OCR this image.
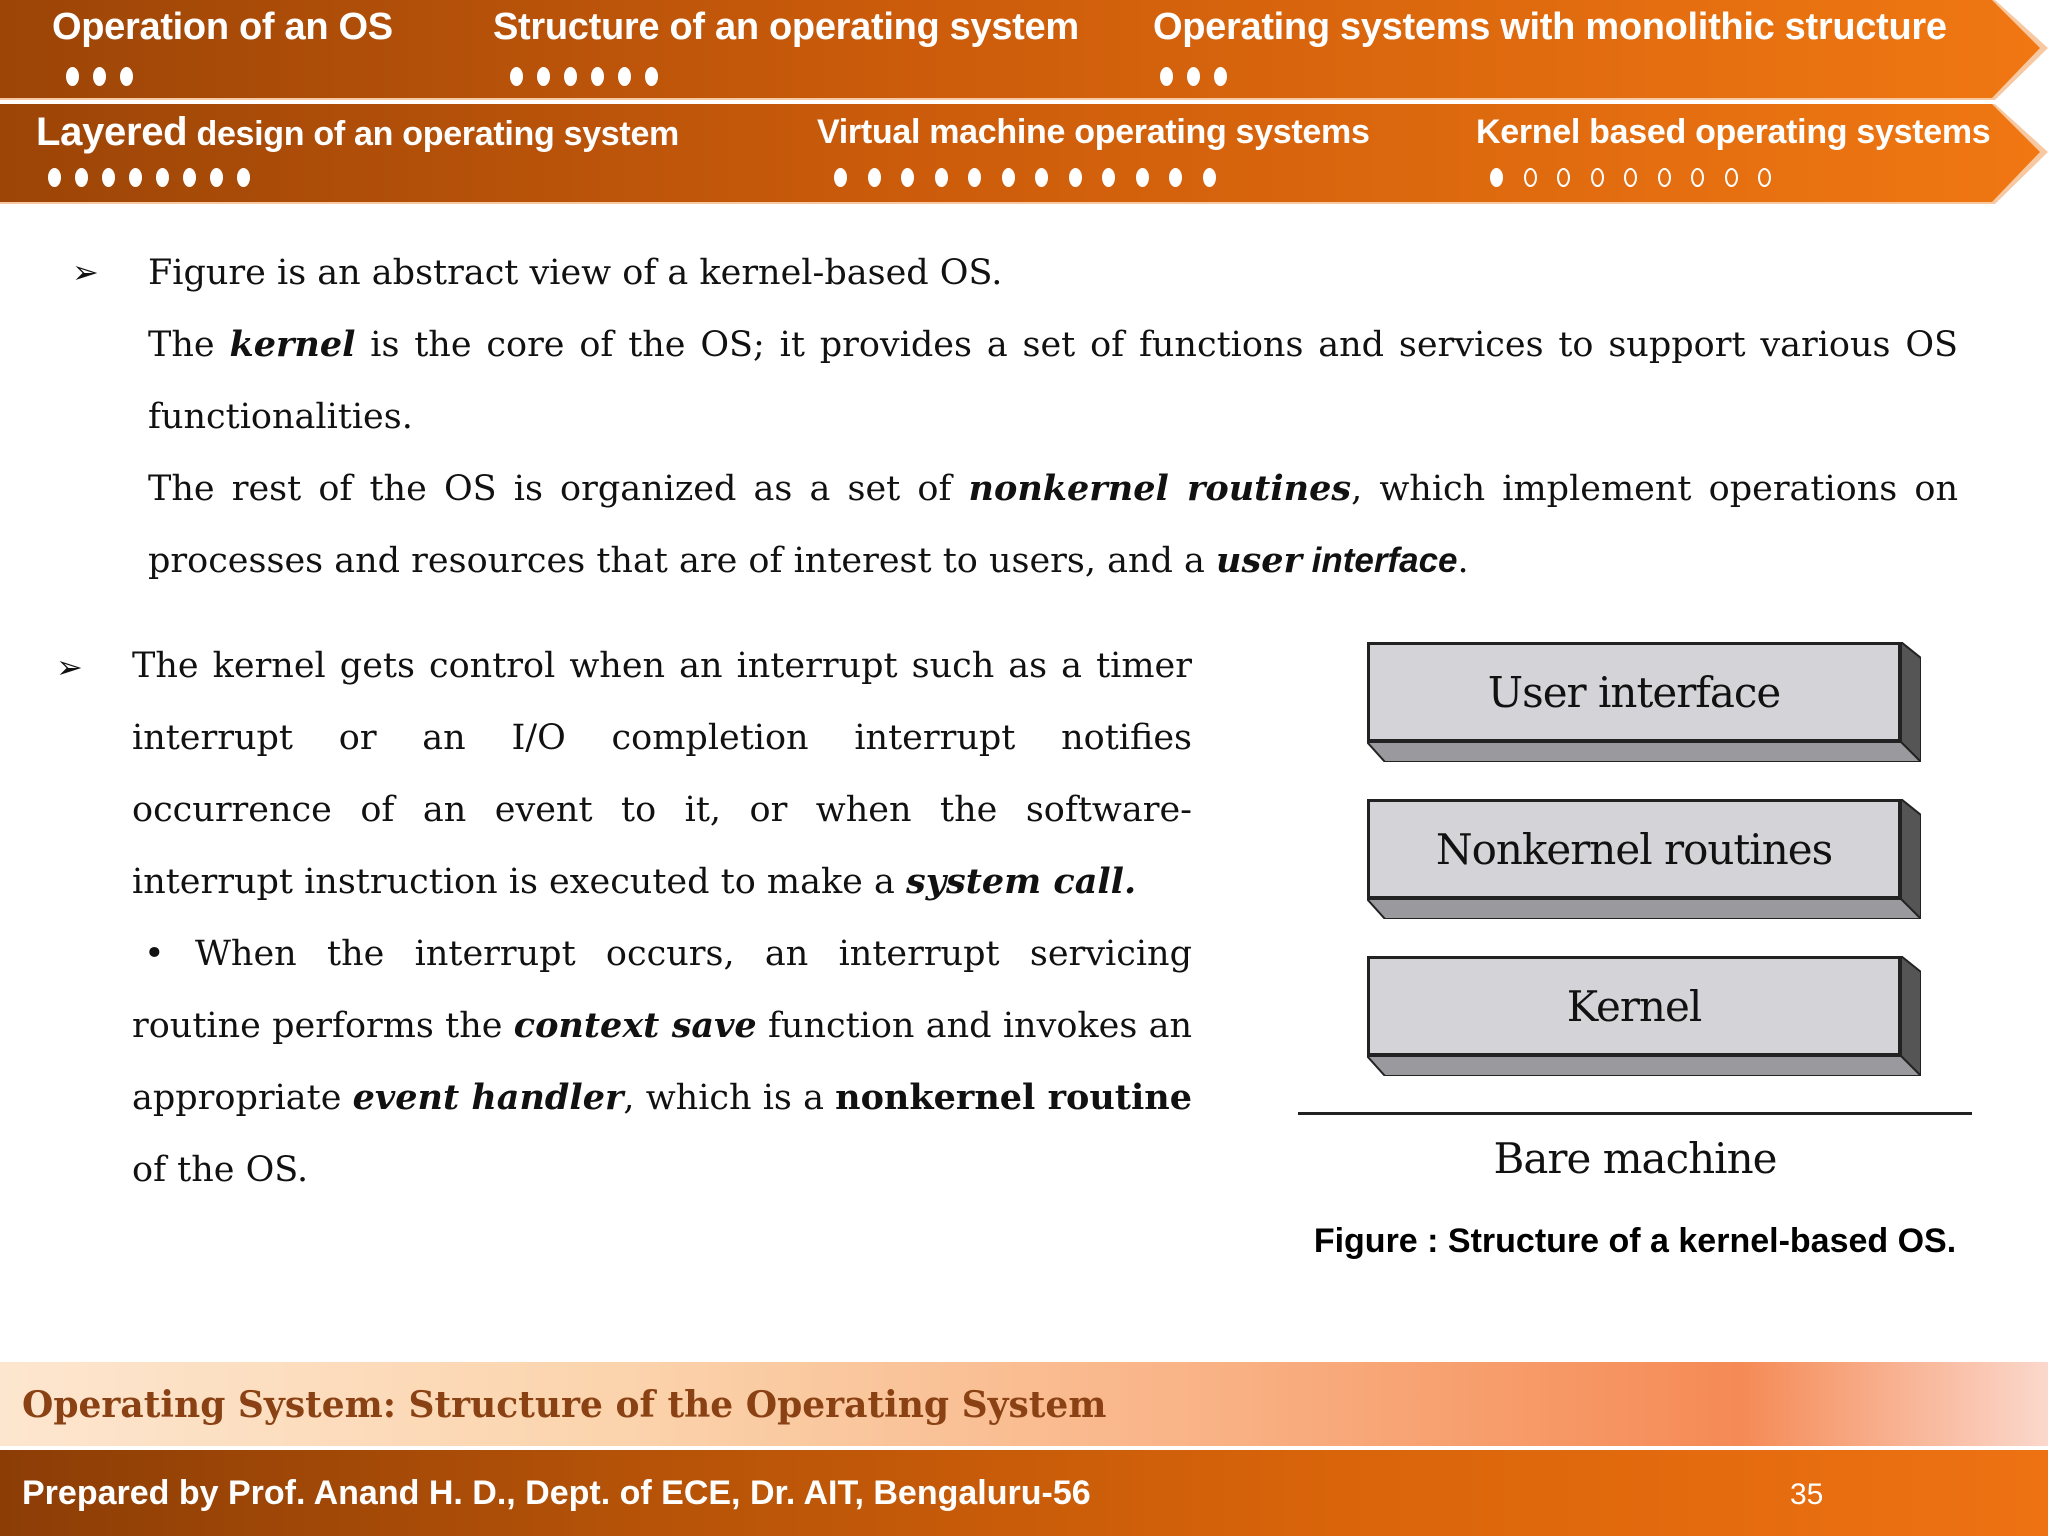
Operation of an OS	Structure of an operating system Operating systems with monolithic structure
Layered design of an operating system	Virtual machine operating systems	Kernel based operating systems
➢ Figure is an abstract view of a kernel-based OS.

The kernel is the core of the OS; it provides a set of functions and services to support various OS functionalities.

The rest of the OS is organized as a set of nonkernel routines, which implement operations on processes and resources that are of interest to users, and a user interface.

➢ The kernel gets control when an interrupt such as a timer interrupt or an I/O completion interrupt notifies occurrence of an event to it, or when the software-interrupt instruction is executed to make a system call.

• When the interrupt occurs, an interrupt servicing routine performs the context save function and invokes an appropriate event handler, which is a nonkernel routine of the OS.

User interface
Nonkernel routines
Kernel
Bare machine
Figure : Structure of a kernel-based OS.
Operating System: Structure of the Operating System
Prepared by Prof. Anand H. D., Dept. of ECE, Dr. AIT, Bengaluru-56	35
